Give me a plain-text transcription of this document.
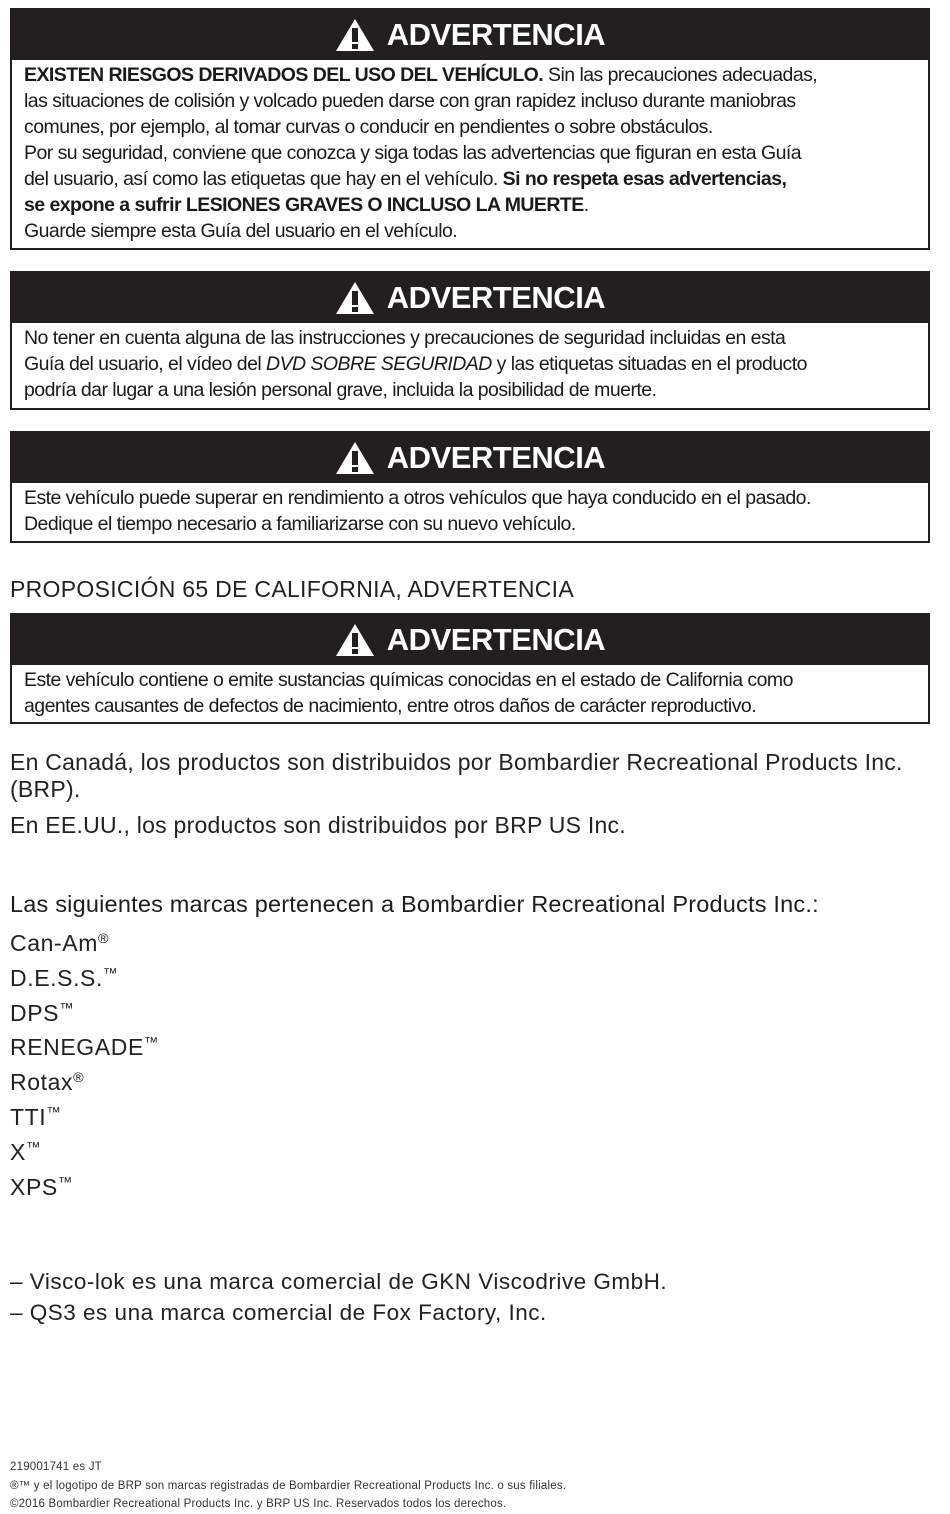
ADVERTENCIA

EXISTEN RIESGOS DERIVADOS DEL USO DEL VEHÍCULO. Sin las precauciones adecuadas,

las situaciones de colisión y volcado pueden darse con gran rapidez incluso durante maniobras

comunes, por ejemplo, al tomar curvas o conducir en pendientes o sobre obstáculos.

Por su seguridad, conviene que conozca y siga todas las advertencias que figuran en esta Guía

del usuario, así como las etiquetas que hay en el vehículo. Si no respeta esas advertencias,

se expone a sufrir LESIONES GRAVES O INCLUSO LA MUERTE.

Guarde siempre esta Guía del usuario en el vehículo.

ADVERTENCIA

No tener en cuenta alguna de las instrucciones y precauciones de seguridad incluidas en esta

Guía del usuario, el vídeo del DVD SOBRE SEGURIDAD y las etiquetas situadas en el producto

podría dar lugar a una lesión personal grave, incluida la posibilidad de muerte.

ADVERTENCIA

Este vehículo puede superar en rendimiento a otros vehículos que haya conducido en el pasado.

Dedique el tiempo necesario a familiarizarse con su nuevo vehículo.

PROPOSICIÓN 65 DE CALIFORNIA, ADVERTENCIA
ADVERTENCIA

Este vehículo contiene o emite sustancias químicas conocidas en el estado de California como

agentes causantes de defectos de nacimiento, entre otros daños de carácter reproductivo.

En Canadá, los productos son distribuidos por Bombardier Recreational Products Inc. (BRP).

En EE.UU., los productos son distribuidos por BRP US Inc.

Las siguientes marcas pertenecen a Bombardier Recreational Products Inc.:
Can-Am®
D.E.S.S.™
DPS™
RENEGADE™
Rotax®
TTI™
X™
XPS™
– Visco-lok es una marca comercial de GKN Viscodrive GmbH.
– QS3 es una marca comercial de Fox Factory, Inc.

219001741 es JT

®™ y el logotipo de BRP son marcas registradas de Bombardier Recreational Products Inc. o sus filiales.

©2016 Bombardier Recreational Products Inc. y BRP US Inc. Reservados todos los derechos.
